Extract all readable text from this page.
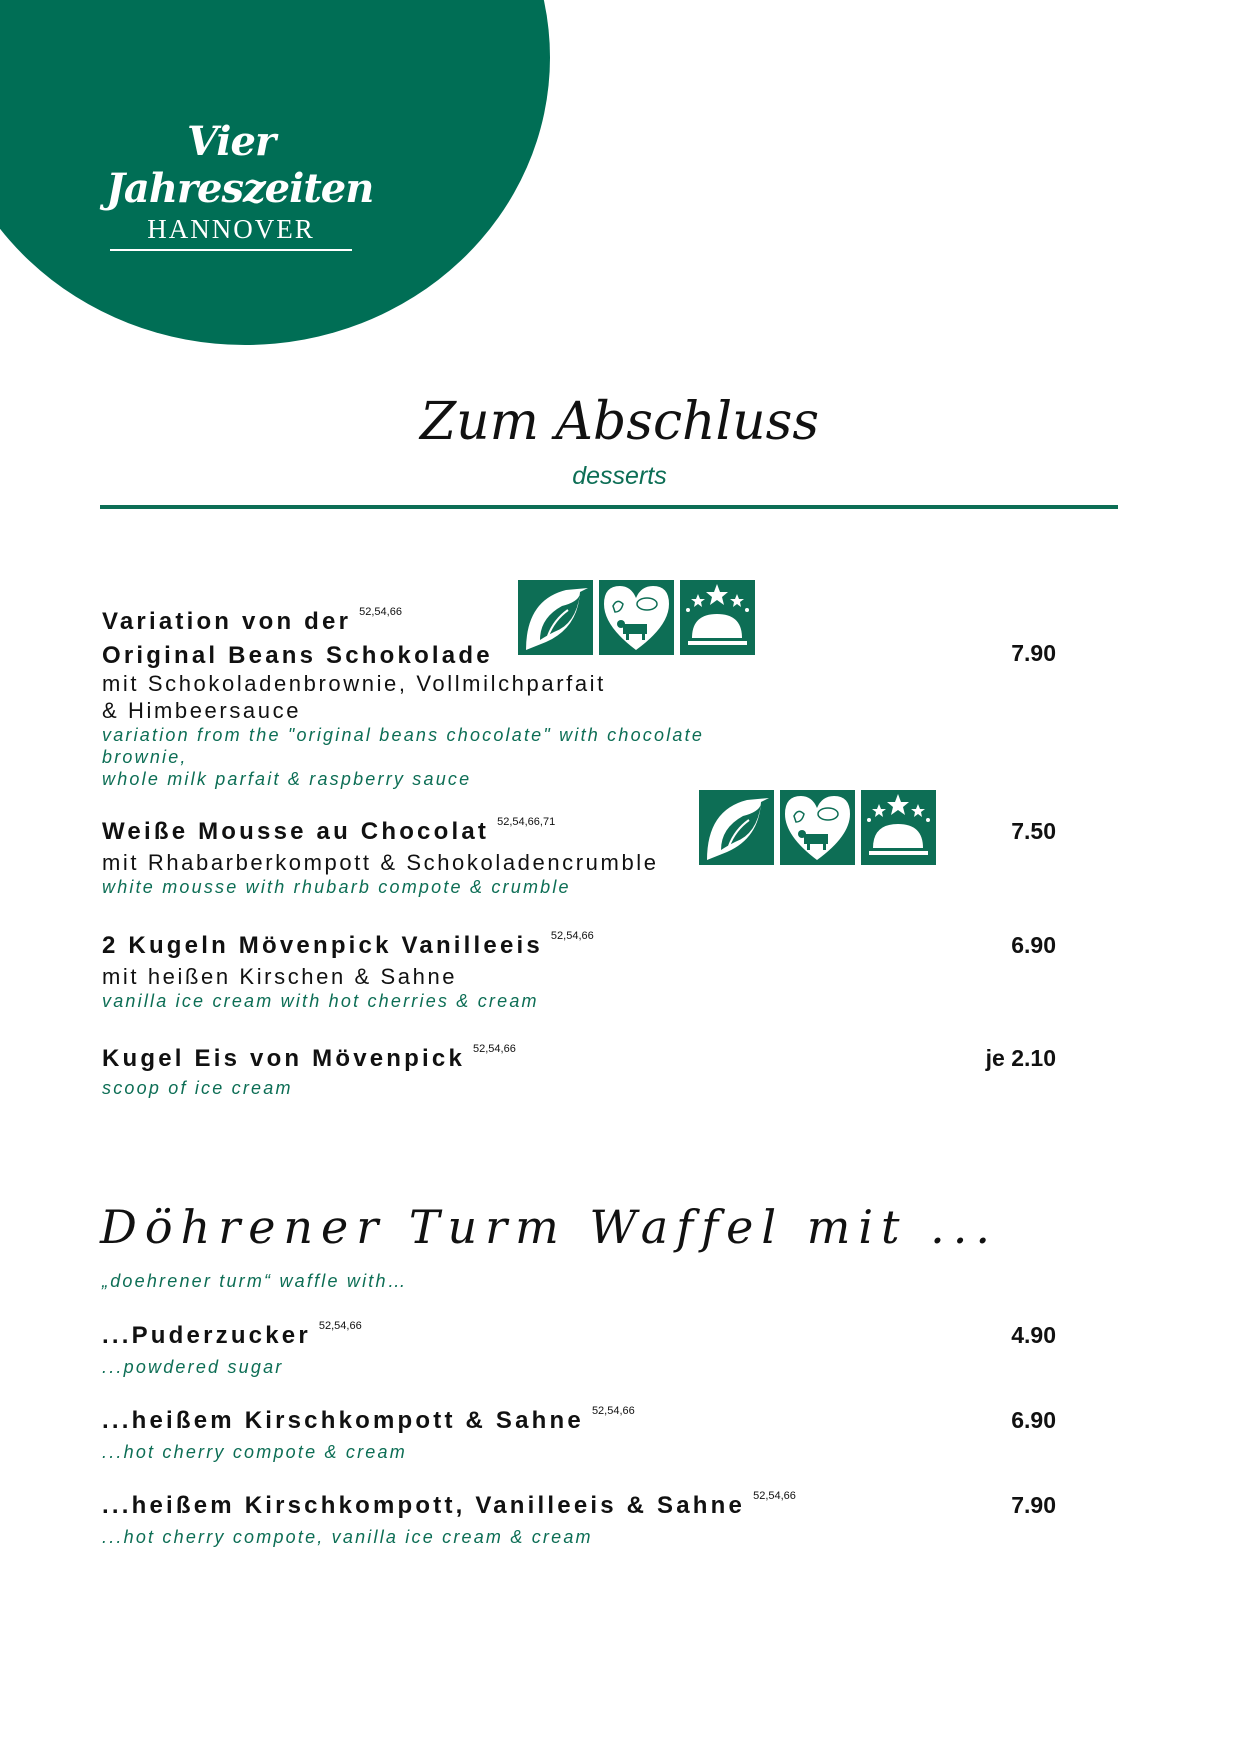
Vier Jahreszeiten
HANNOVER
Zum Abschluss
desserts
Variation von der $^{52,54,66}$
Original Beans Schokolade
mit Schokoladenbrownie, Vollmilchparfait
& Himbeersauce
variation from the "original beans chocolate" with chocolate
brownie,
whole milk parfait & raspberry sauce
7.90
Weiße Mousse au Chocolat $^{52,54,66,71}$
mit Rhabarberkompott & Schokoladencrumble
white mousse with rhubarb compote & crumble
7.50
2 Kugeln Mövenpick Vanilleeis $^{52,54,66}$
mit heißen Kirschen & Sahne
vanilla ice cream with hot cherries & cream
6.90
Kugel Eis von Mövenpick $^{52,54,66}$
scoop of ice cream
je 2.10
Döhrener Turm Waffel mit ...
„doehrener turm“ waffle with…
...Puderzucker $^{52,54,66}$
...powdered sugar
4.90
...heißem Kirschkompott & Sahne $^{52,54,66}$
...hot cherry compote & cream
6.90
...heißem Kirschkompott, Vanilleeis & Sahne $^{52,54,66}$
...hot cherry compote, vanilla ice cream & cream
7.90
